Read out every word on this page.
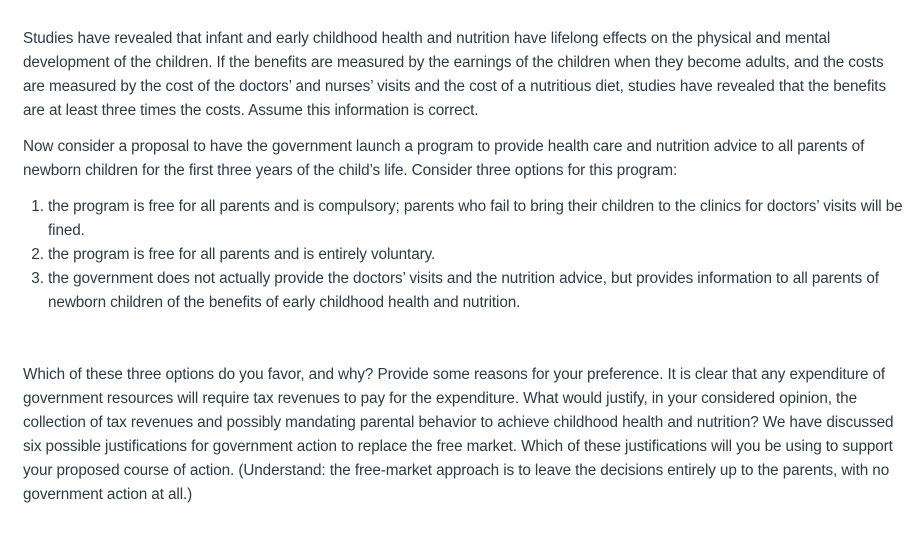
Studies have revealed that infant and early childhood health and nutrition have lifelong effects on the physical and mental development of the children. If the benefits are measured by the earnings of the children when they become adults, and the costs are measured by the cost of the doctors’ and nurses’ visits and the cost of a nutritious diet, studies have revealed that the benefits are at least three times the costs. Assume this information is correct.

Now consider a proposal to have the government launch a program to provide health care and nutrition advice to all parents of newborn children for the first three years of the child’s life. Consider three options for this program:

1. the program is free for all parents and is compulsory; parents who fail to bring their children to the clinics for doctors’ visits will be fined.
2. the program is free for all parents and is entirely voluntary.
3. the government does not actually provide the doctors’ visits and the nutrition advice, but provides information to all parents of newborn children of the benefits of early childhood health and nutrition.

Which of these three options do you favor, and why? Provide some reasons for your preference. It is clear that any expenditure of government resources will require tax revenues to pay for the expenditure. What would justify, in your considered opinion, the collection of tax revenues and possibly mandating parental behavior to achieve childhood health and nutrition? We have discussed six possible justifications for government action to replace the free market. Which of these justifications will you be using to support your proposed course of action. (Understand: the free-market approach is to leave the decisions entirely up to the parents, with no government action at all.)
